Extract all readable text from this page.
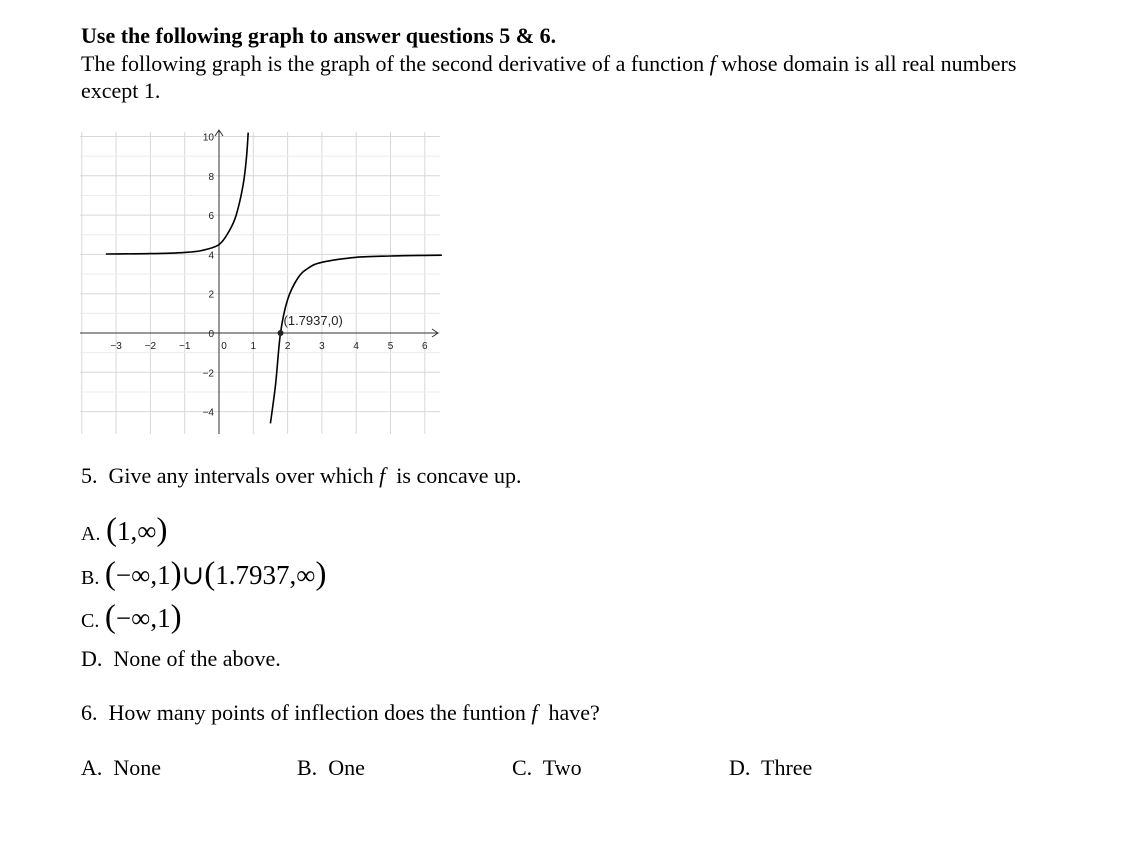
Use the following graph to answer questions 5 & 6.
The following graph is the graph of the second derivative of a function f whose domain is all real numbers except 1.
−3 −2 −1	0 1	2	3	4	5	6
10
8
6
4
2
0
−2
−4
(1.7937,0)
5. Give any intervals over which f  is concave up.
A. (1,∞)
B. (−∞,1)∪(1.7937,∞)
C. (−∞,1)
D. None of the above.
6. How many points of inflection does the funtion f  have?
A. None	B. One	C. Two	D. Three
